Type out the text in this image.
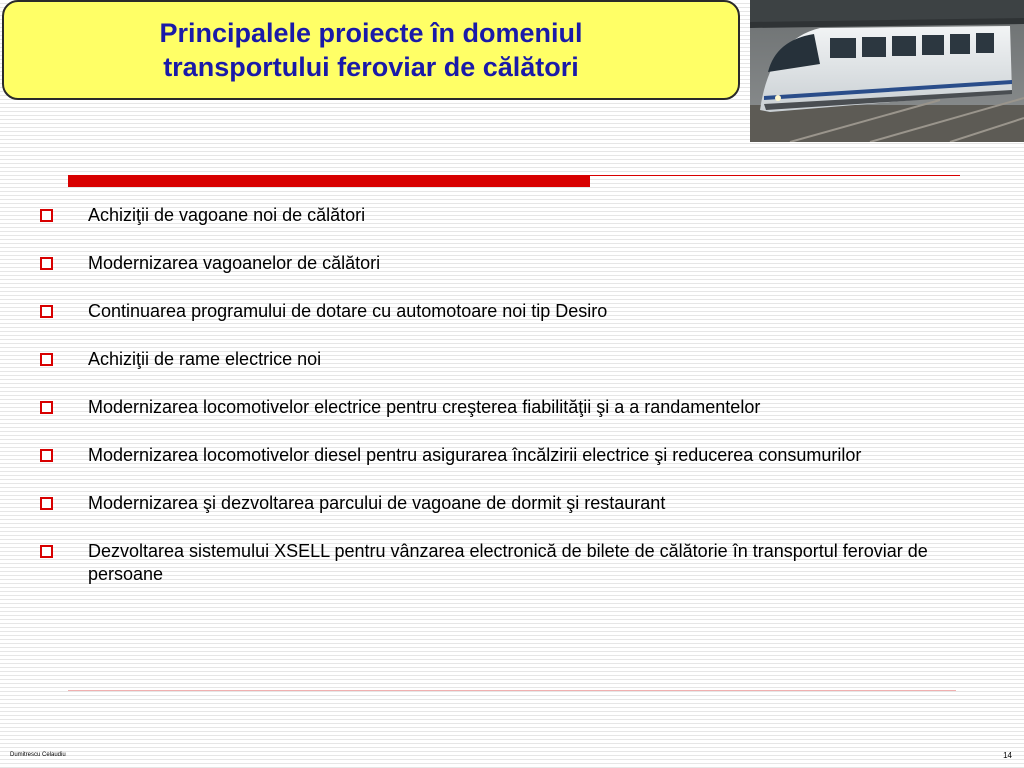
Principalele proiecte în domeniul transportului feroviar de călători
Achiziţii de vagoane noi de călători
Modernizarea vagoanelor de călători
Continuarea programului de dotare cu automotoare noi tip Desiro
Achiziţii de rame electrice noi
Modernizarea locomotivelor electrice pentru creşterea fiabilităţii şi a a randamentelor
Modernizarea locomotivelor diesel pentru asigurarea încălzirii electrice şi reducerea consumurilor
Modernizarea şi dezvoltarea parcului de vagoane de dormit şi restaurant
Dezvoltarea sistemului XSELL pentru vânzarea electronică de bilete de călătorie în transportul feroviar de persoane
Dumitrescu Celaudiu	14
